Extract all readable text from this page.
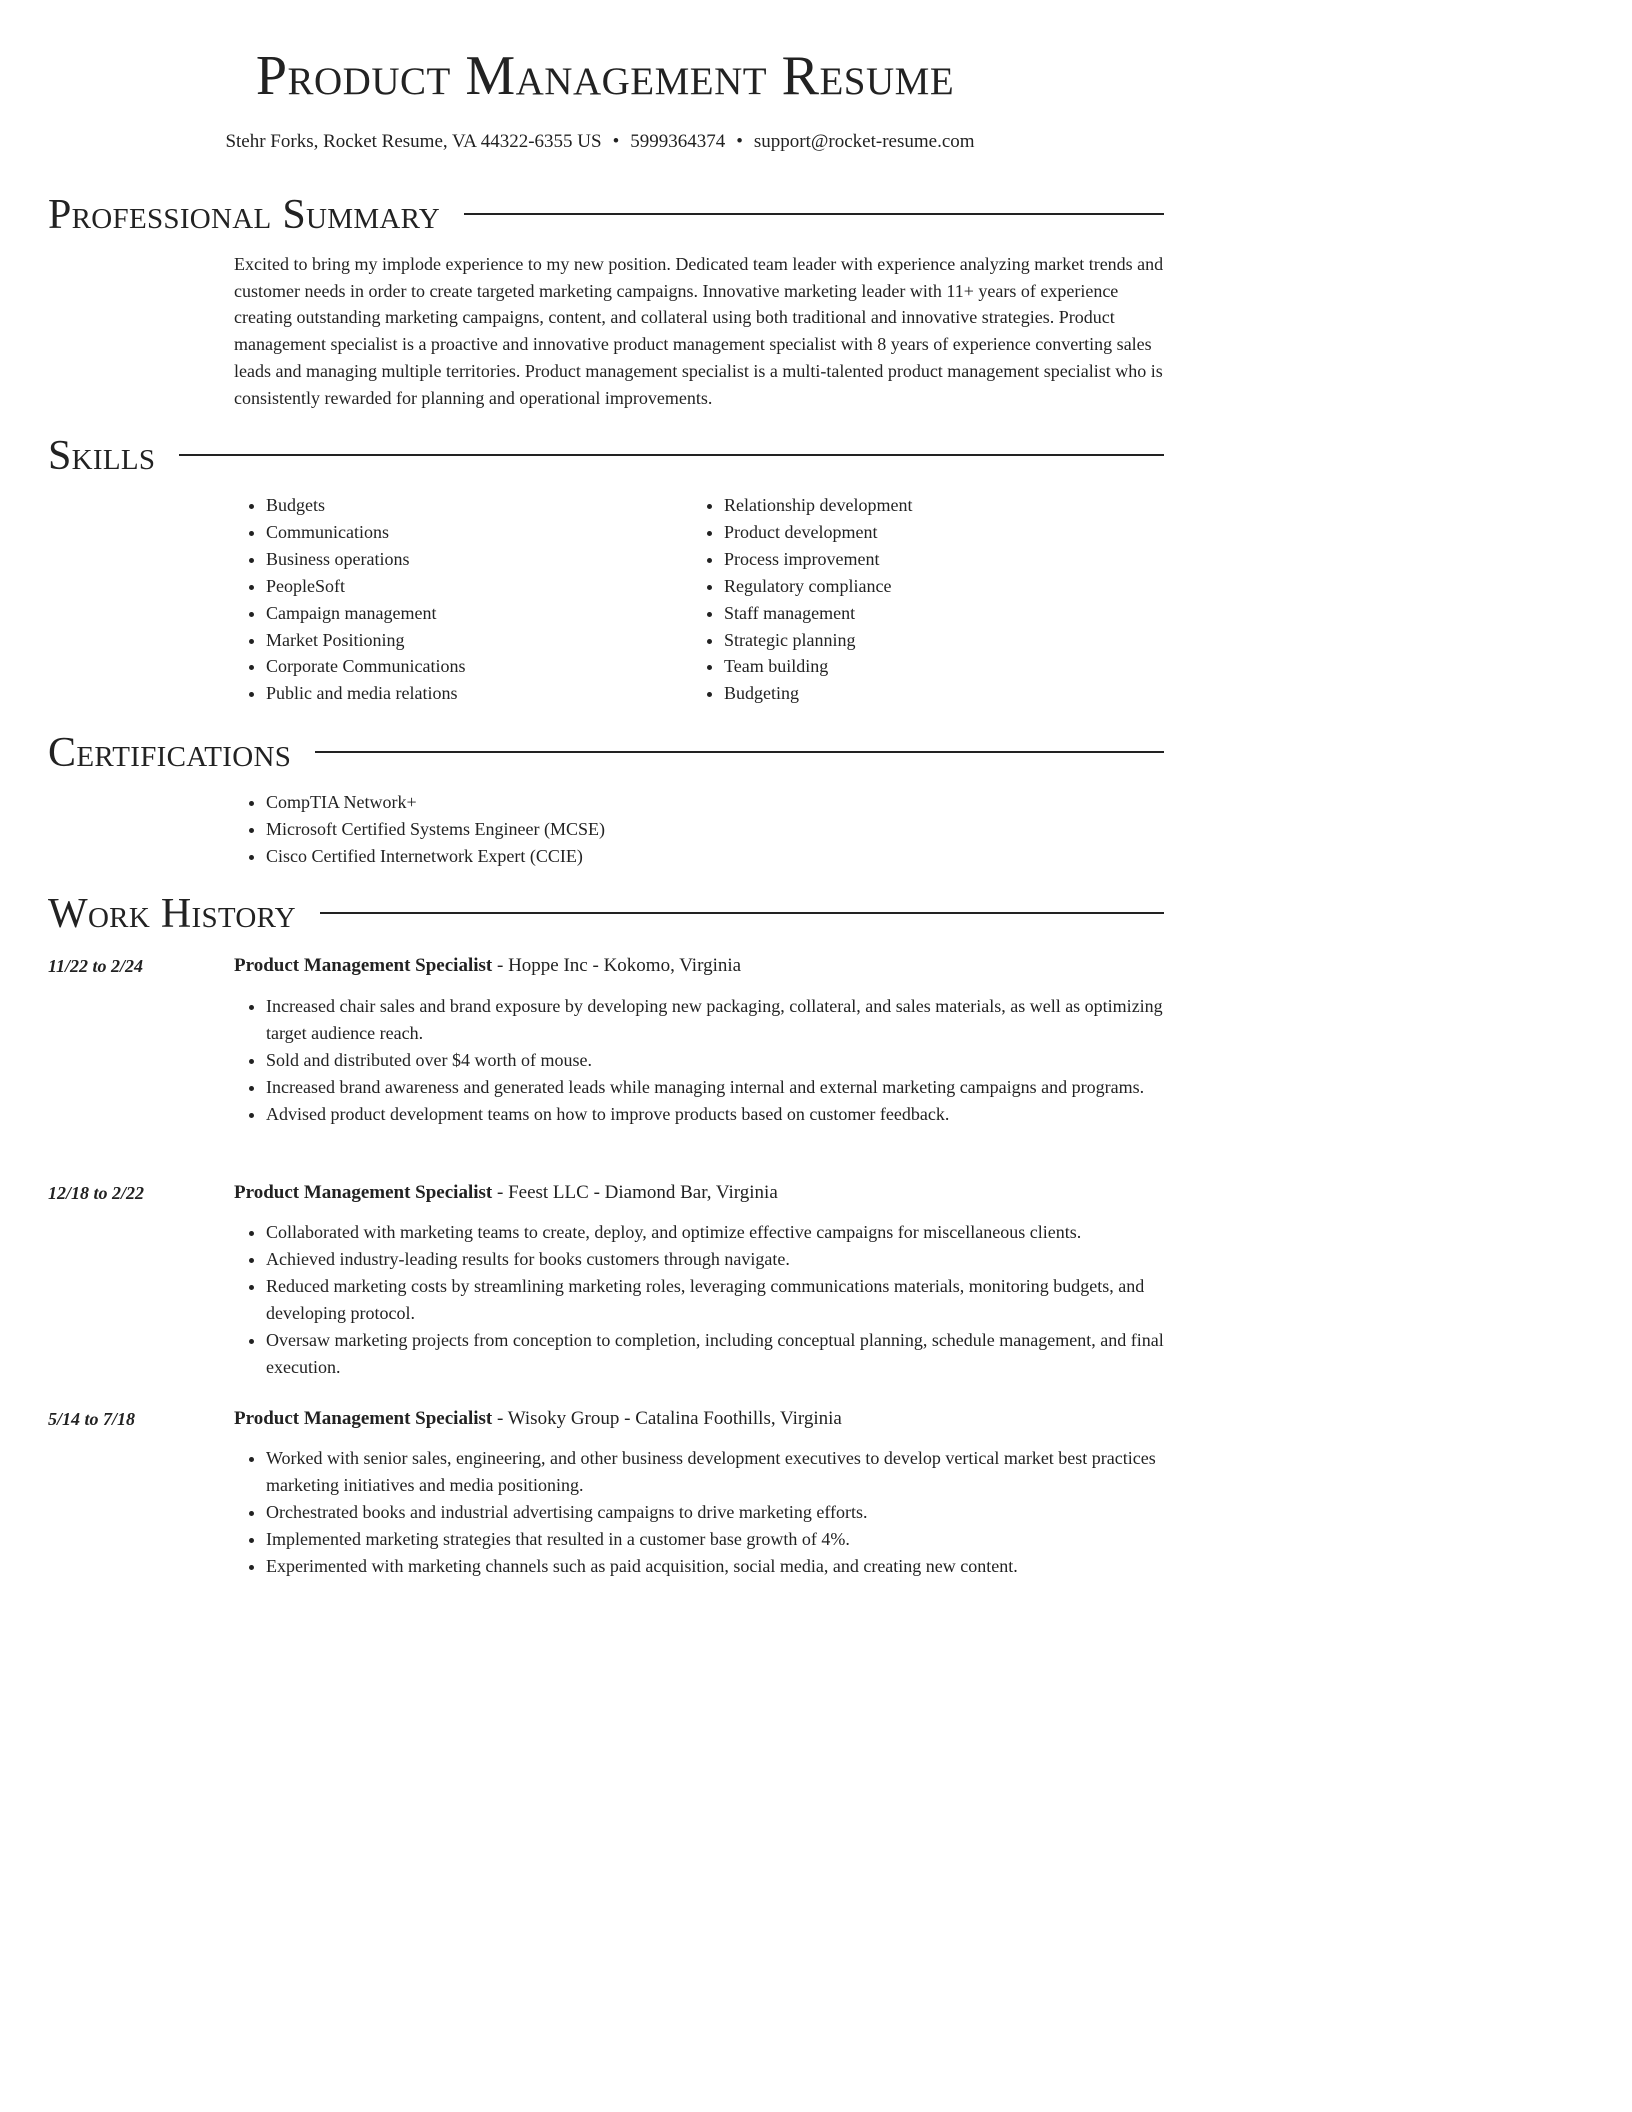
Product Management Resume
Stehr Forks, Rocket Resume, VA 44322-6355 US • 5999364374 • support@rocket-resume.com
Professional Summary

Excited to bring my implode experience to my new position. Dedicated team leader with experience analyzing market trends and customer needs in order to create targeted marketing campaigns. Innovative marketing leader with 11+ years of experience creating outstanding marketing campaigns, content, and collateral using both traditional and innovative strategies. Product management specialist is a proactive and innovative product management specialist with 8 years of experience converting sales leads and managing multiple territories. Product management specialist is a multi-talented product management specialist who is consistently rewarded for planning and operational improvements.

Skills
• Budgets
• Communications
• Business operations
• PeopleSoft
• Campaign management
• Market Positioning
• Corporate Communications
• Public and media relations
• Relationship development
• Product development
• Process improvement
• Regulatory compliance
• Staff management
• Strategic planning
• Team building
• Budgeting
Certifications
• CompTIA Network+
• Microsoft Certified Systems Engineer (MCSE)
• Cisco Certified Internetwork Expert (CCIE)
Work History
11/22 to 2/24	Product Management Specialist - Hoppe Inc - Kokomo, Virginia
• Increased chair sales and brand exposure by developing new packaging, collateral, and sales materials, as well as optimizing target audience reach.
• Sold and distributed over $4 worth of mouse.
• Increased brand awareness and generated leads while managing internal and external marketing campaigns and programs.
• Advised product development teams on how to improve products based on customer feedback.
12/18 to 2/22	Product Management Specialist - Feest LLC - Diamond Bar, Virginia
• Collaborated with marketing teams to create, deploy, and optimize effective campaigns for miscellaneous clients.
• Achieved industry-leading results for books customers through navigate.
• Reduced marketing costs by streamlining marketing roles, leveraging communications materials, monitoring budgets, and developing protocol.
• Oversaw marketing projects from conception to completion, including conceptual planning, schedule management, and final execution.
5/14 to 7/18	Product Management Specialist - Wisoky Group - Catalina Foothills, Virginia
• Worked with senior sales, engineering, and other business development executives to develop vertical market best practices marketing initiatives and media positioning.
• Orchestrated books and industrial advertising campaigns to drive marketing efforts.
• Implemented marketing strategies that resulted in a customer base growth of 4%.
• Experimented with marketing channels such as paid acquisition, social media, and creating new content.
